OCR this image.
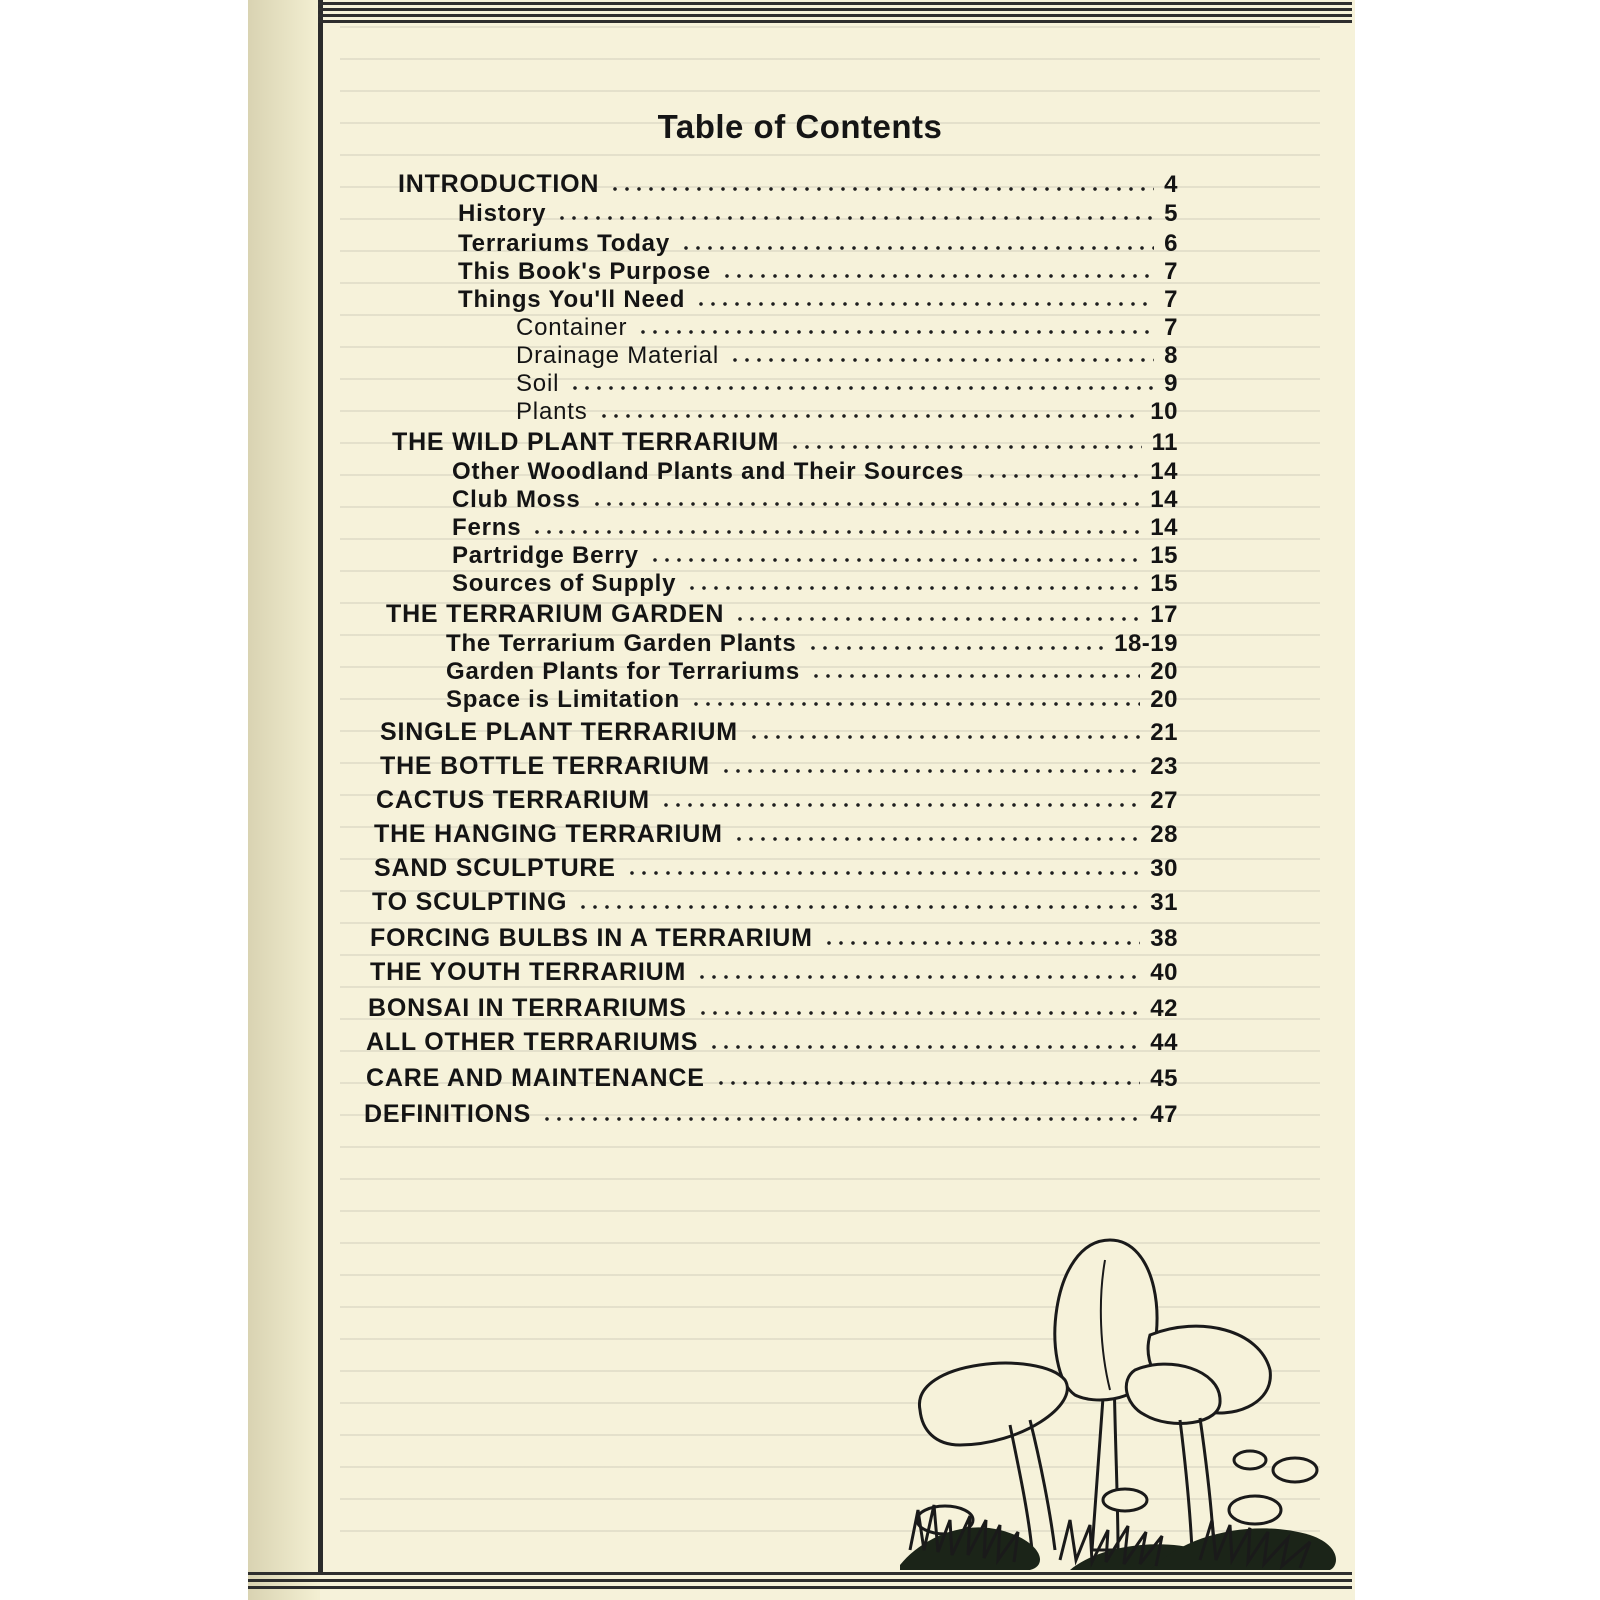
Table of Contents
INTRODUCTION	4
History	5
Terrariums Today	6
This Book's Purpose	7
Things You'll Need	7
Container	7
Drainage Material	8
Soil	9
Plants	10
THE WILD PLANT TERRARIUM	11
Other Woodland Plants and Their Sources	14
Club Moss	14
Ferns	14
Partridge Berry	15
Sources of Supply	15
THE TERRARIUM GARDEN	17
The Terrarium Garden Plants	18-19
Garden Plants for Terrariums	20
Space is Limitation	20
SINGLE PLANT TERRARIUM	21
THE BOTTLE TERRARIUM	23
CACTUS TERRARIUM	27
THE HANGING TERRARIUM	28
SAND SCULPTURE	30
TO SCULPTING	31
FORCING BULBS IN A TERRARIUM	38
THE YOUTH TERRARIUM	40
BONSAI IN TERRARIUMS	42
ALL OTHER TERRARIUMS	44
CARE AND MAINTENANCE	45
DEFINITIONS	47
